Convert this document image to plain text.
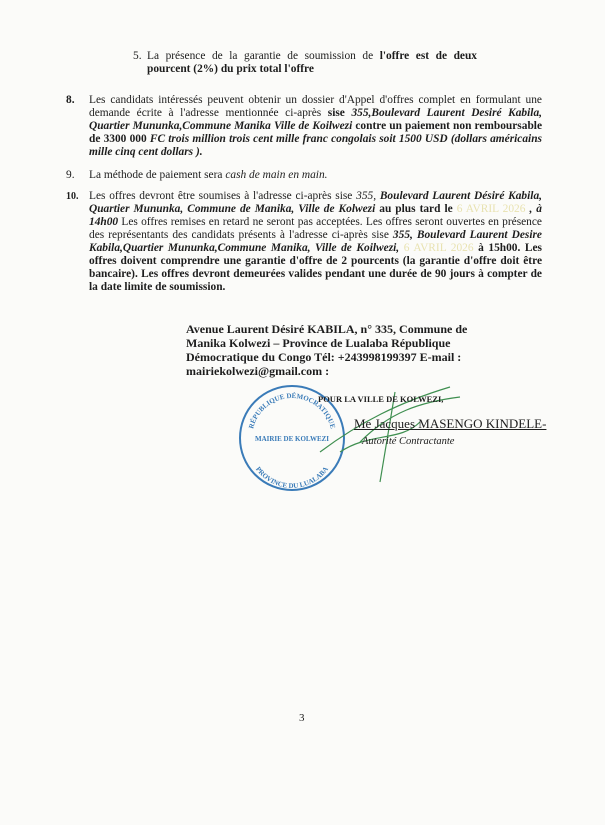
5. La présence de la garantie de soumission de l'offre est de deux pourcent (2%) du prix total l'offre
8. Les candidats intéressés peuvent obtenir un dossier d'Appel d'offres complet en formulant une demande écrite à l'adresse mentionnée ci-après sise 355,Boulevard Laurent Desiré Kabila, Quartier Mununka,Commune Manika Ville de Koilwezi contre un paiement non remboursable de 3300 000 FC trois million trois cent mille franc congolais soit 1500 USD (dollars américains mille cinq cent dollars ).
9. La méthode de paiement sera cash de main en main.
10. Les offres devront être soumises à l'adresse ci-après sise 355, Boulevard Laurent Désiré Kabila, Quartier Mununka, Commune de Manika, Ville de Kolwezi au plus tard le 6 AVRIL 2026 , à 14h00 Les offres remises en retard ne seront pas acceptées. Les offres seront ouvertes en présence des représentants des candidats présents à l'adresse ci-après sise 355, Boulevard Laurent Desire Kabila,Quartier Mununka,Commune Manika, Ville de Koilwezi, 6 AVRIL 2026 à 15h00. Les offres doivent comprendre une garantie d'offre de 2 pourcents (la garantie d'offre doit être bancaire). Les offres devront demeurées valides pendant une durée de 90 jours à compter de la date limite de soumission.
Avenue Laurent Désiré KABILA, n° 335, Commune de Manika Kolwezi – Province de Lualaba République Démocratique du Congo Tél: +243998199397 E-mail : mairiekolwezi@gmail.com :
RÉPUBLIQUE DÉMOCRATIQUE
PROVINCE DU LUALABA
MAIRIE DE KOLWEZI
POUR LA VILLE DE KOLWEZI,
Me Jacques MASENGO KINDELE-
Autorité Contractante
3
